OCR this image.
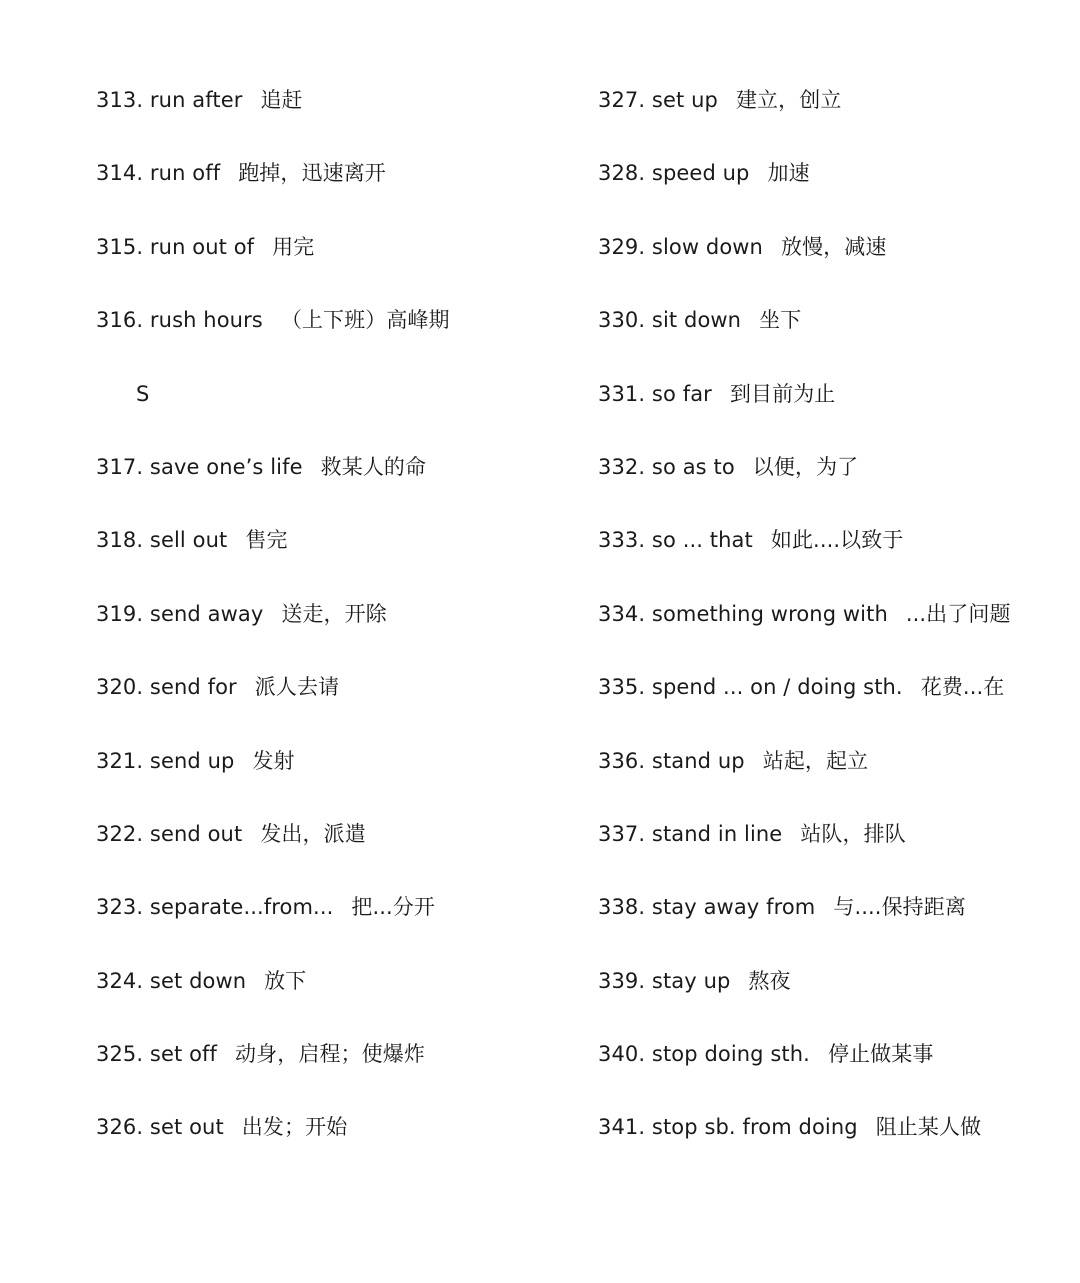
313. run after 追赶
314. run off 跑掉，迅速离开
315. run out of 用完
316. rush hours （上下班）高峰期
S
317. save one’s life 救某人的命
318. sell out 售完
319. send away 送走，开除
320. send for 派人去请
321. send up 发射
322. send out 发出，派遣
323. separate...from... 把...分开
324. set down 放下
325. set off 动身，启程；使爆炸
326. set out 出发；开始
327. set up 建立，创立
328. speed up 加速
329. slow down 放慢，减速
330. sit down 坐下
331. so far 到目前为止
332. so as to 以便，为了
333. so ... that 如此....以致于
334. something wrong with ...出了问题
335. spend ... on / doing sth. 花费...在
336. stand up 站起，起立
337. stand in line 站队，排队
338. stay away from 与....保持距离
339. stay up 熬夜
340. stop doing sth. 停止做某事
341. stop sb. from doing 阻止某人做
